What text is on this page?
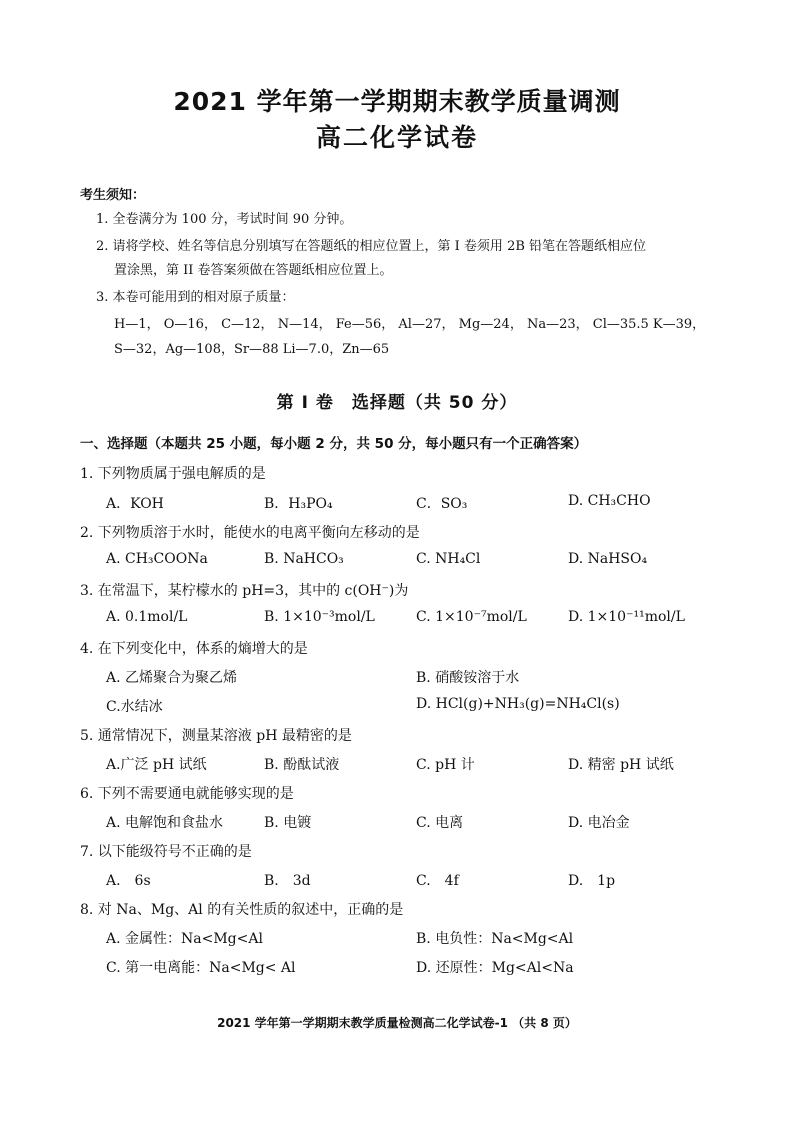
2021 学年第一学期期末教学质量调测
高二化学试卷
考生须知：
1. 全卷满分为 100 分，考试时间 90 分钟。
2. 请将学校、姓名等信息分别填写在答题纸的相应位置上，第 I 卷须用 2B 铅笔在答题纸相应位
置涂黑，第 II 卷答案须做在答题纸相应位置上。
3. 本卷可能用到的相对原子质量：
H—1， O—16， C—12， N—14， Fe—56， Al—27， Mg—24， Na—23， Cl—35.5 K—39，
S—32，Ag—108，Sr—88 Li—7.0，Zn—65
第 I 卷　选择题（共 50 分）
一、选择题（本题共 25 小题，每小题 2 分，共 50 分，每小题只有一个正确答案）
1. 下列物质属于强电解质的是
A．KOH	B．H₃PO₄	C．SO₃	D. CH₃CHO
2. 下列物质溶于水时，能使水的电离平衡向左移动的是
A. CH₃COONa	B. NaHCO₃	C. NH₄Cl	D. NaHSO₄
3. 在常温下，某柠檬水的 pH=3，其中的 c(OH⁻)为
A. 0.1mol/L	B. 1×10⁻³mol/L	C. 1×10⁻⁷mol/L	D. 1×10⁻¹¹mol/L
4. 在下列变化中，体系的熵增大的是
A. 乙烯聚合为聚乙烯	B. 硝酸铵溶于水
C.水结冰	D. HCl(g)+NH₃(g)=NH₄Cl(s)
5. 通常情况下，测量某溶液 pH 最精密的是
A.广泛 pH 试纸	B. 酚酞试液	C. pH 计	D. 精密 pH 试纸
6. 下列不需要通电就能够实现的是
A. 电解饱和食盐水	B. 电镀	C. 电离	D. 电冶金
7. 以下能级符号不正确的是
A.　6s	B.　3d	C.　4f	D.　1p
8. 对 Na、Mg、Al 的有关性质的叙述中，正确的是
A. 金属性：Na<Mg<Al	B. 电负性：Na<Mg<Al
C. 第一电离能：Na<Mg< Al	D. 还原性：Mg<Al<Na
2021 学年第一学期期末教学质量检测高二化学试卷-1 （共 8 页）
